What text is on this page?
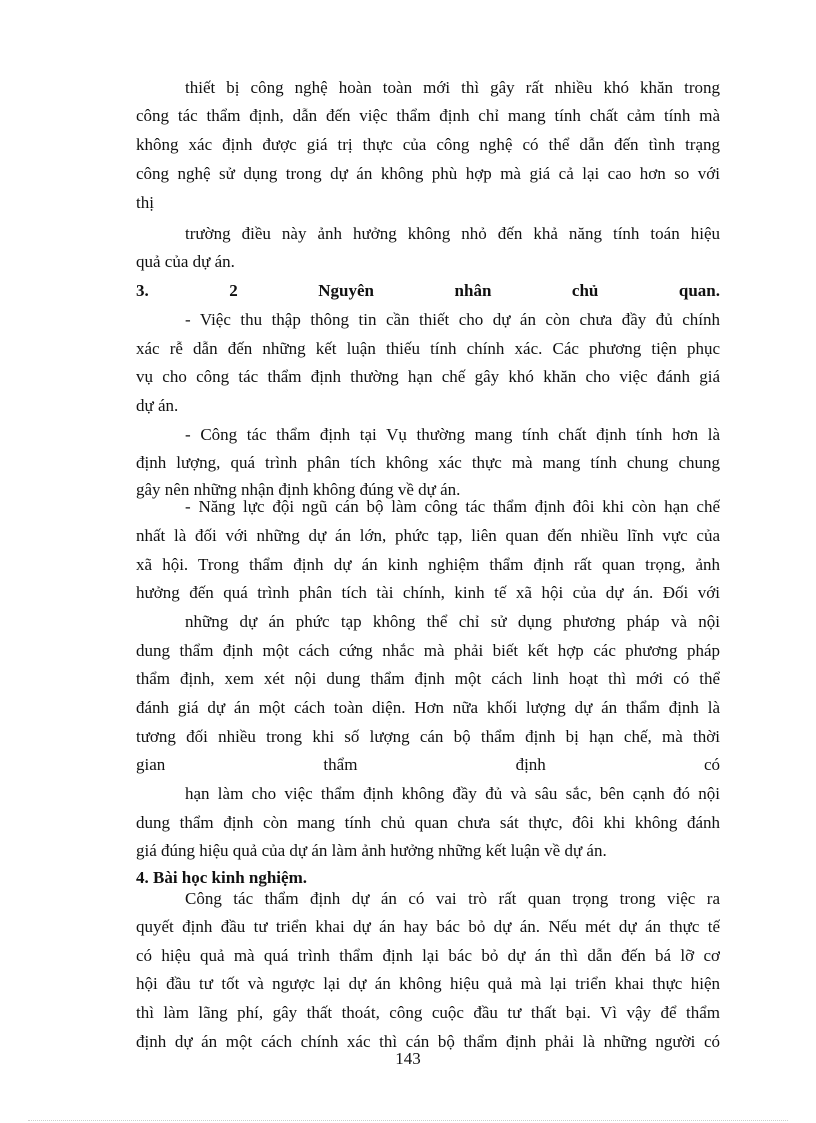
thiết bị công nghệ hoàn toàn mới thì gây rất nhiều khó khăn trong
công tác thẩm định, dẫn đến việc thẩm định chỉ mang tính chất cảm tính mà
không xác định được giá trị thực của công nghệ có thể dẫn đến tình trạng
công nghệ sử dụng trong dự án không phù hợp mà giá cả lại cao hơn so với
thị
trường điều này ảnh hưởng không nhỏ đến khả năng tính toán hiệu
quả của dự án.
3. 2 Nguyên nhân chủ quan.
- Việc thu thập thông tin cần thiết cho dự án còn chưa đầy đủ chính
xác rễ dẫn đến những kết luận thiếu tính chính xác. Các phương tiện phục
vụ cho công tác thẩm định thường hạn chế gây khó khăn cho việc đánh giá
dự án.
- Công tác thẩm định tại Vụ thường mang tính chất định tính hơn là
định lượng, quá trình phân tích không xác thực mà mang tính chung chung
gây nên những nhận định không đúng về dự án.
- Năng lực đội ngũ cán bộ làm công tác thẩm định đôi khi còn hạn chế
nhất là đối với những dự án lớn, phức tạp, liên quan đến nhiều lĩnh vực của
xã hội. Trong thẩm định dự án kinh nghiệm thẩm định rất quan trọng, ảnh
hưởng đến quá trình phân tích tài chính, kinh tế xã hội của dự án. Đối với
những dự án phức tạp không thể chỉ sử dụng phương pháp và nội
dung thẩm định một cách cứng nhắc mà phải biết kết hợp các phương pháp
thẩm định, xem xét nội dung thẩm định một cách linh hoạt thì mới có thể
đánh giá dự án một cách toàn diện. Hơn nữa khối lượng dự án thẩm định là
tương đối nhiều trong khi số lượng cán bộ thẩm định bị hạn chế, mà thời
gian thẩm định có
hạn làm cho việc thẩm định không đầy đủ và sâu sắc, bên cạnh đó nội
dung thẩm định còn mang tính chủ quan chưa sát thực, đôi khi không đánh
giá đúng hiệu quả của dự án làm ảnh hưởng những kết luận về dự án.
4. Bài học kinh nghiệm.
Công tác thẩm định dự án có vai trò rất quan trọng trong việc ra
quyết định đầu tư triển khai dự án hay bác bỏ dự án. Nếu mét dự án thực tế
có hiệu quả mà quá trình thẩm định lại bác bỏ dự án thì dẫn đến bá lỡ cơ
hội đầu tư tốt và ngược lại dự án không hiệu quả mà lại triển khai thực hiện
thì làm lãng phí, gây thất thoát, công cuộc đầu tư thất bại. Vì vậy để thẩm
định dự án một cách chính xác thì cán bộ thẩm định phải là những người có
143
